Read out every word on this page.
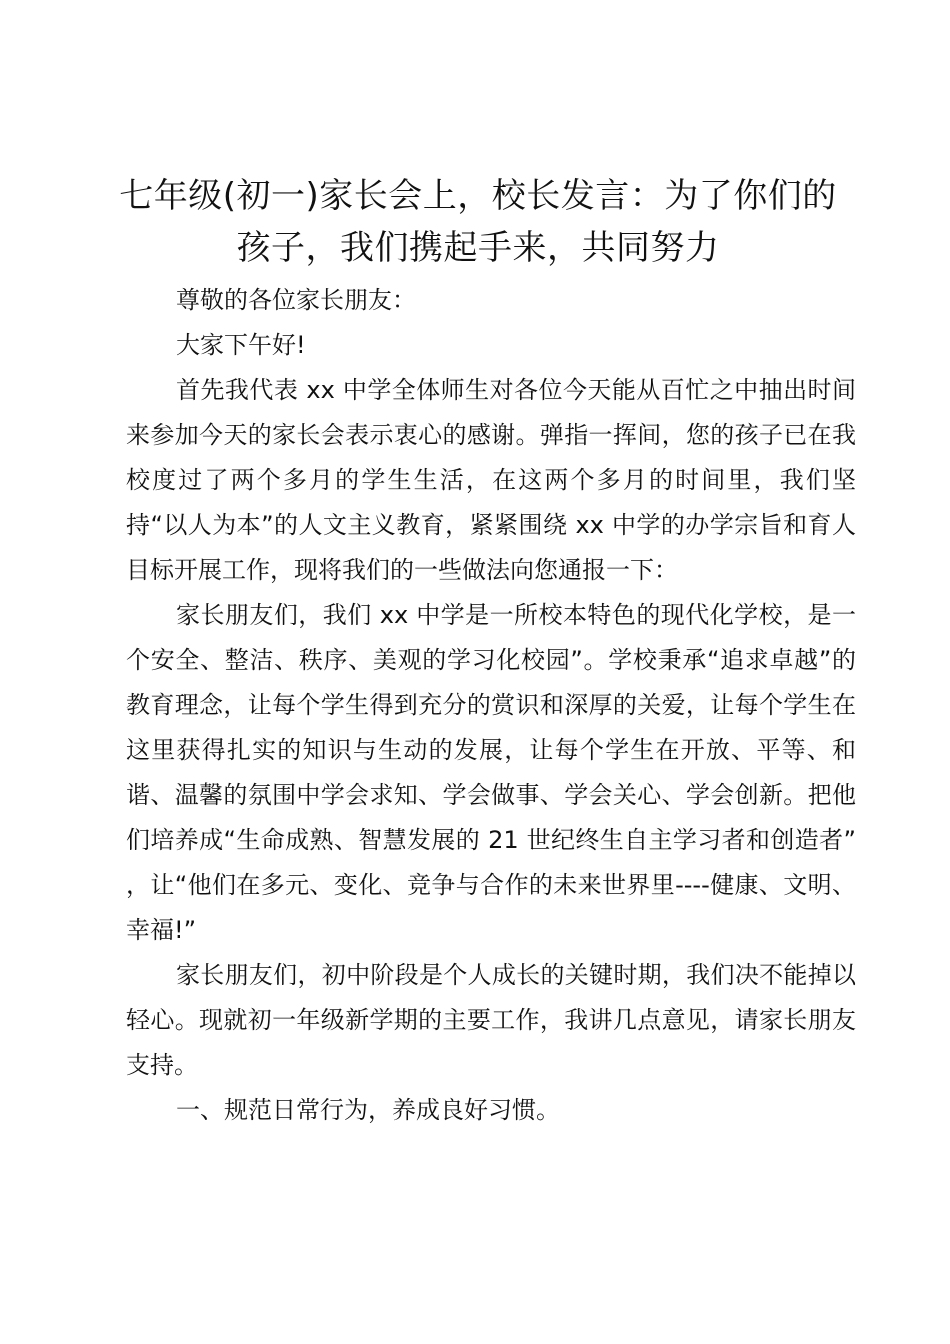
七年级(初一)家长会上，校长发言：为了你们的孩子，我们携起手来，共同努力

尊敬的各位家长朋友：

大家下午好!

首先我代表 xx 中学全体师生对各位今天能从百忙之中抽出时间来参加今天的家长会表示衷心的感谢。弹指一挥间，您的孩子已在我校度过了两个多月的学生生活，在这两个多月的时间里，我们坚持“以人为本”的人文主义教育，紧紧围绕 xx 中学的办学宗旨和育人目标开展工作，现将我们的一些做法向您通报一下：

家长朋友们，我们 xx 中学是一所校本特色的现代化学校，是一个安全、整洁、秩序、美观的学习化校园”。学校秉承“追求卓越”的教育理念，让每个学生得到充分的赏识和深厚的关爱，让每个学生在这里获得扎实的知识与生动的发展，让每个学生在开放、平等、和谐、温馨的氛围中学会求知、学会做事、学会关心、学会创新。把他们培养成“生命成熟、智慧发展的 21 世纪终生自主学习者和创造者” ，让“他们在多元、变化、竞争与合作的未来世界里----健康、文明、幸福!”

家长朋友们，初中阶段是个人成长的关键时期，我们决不能掉以轻心。现就初一年级新学期的主要工作，我讲几点意见，请家长朋友支持。

一、规范日常行为，养成良好习惯。
